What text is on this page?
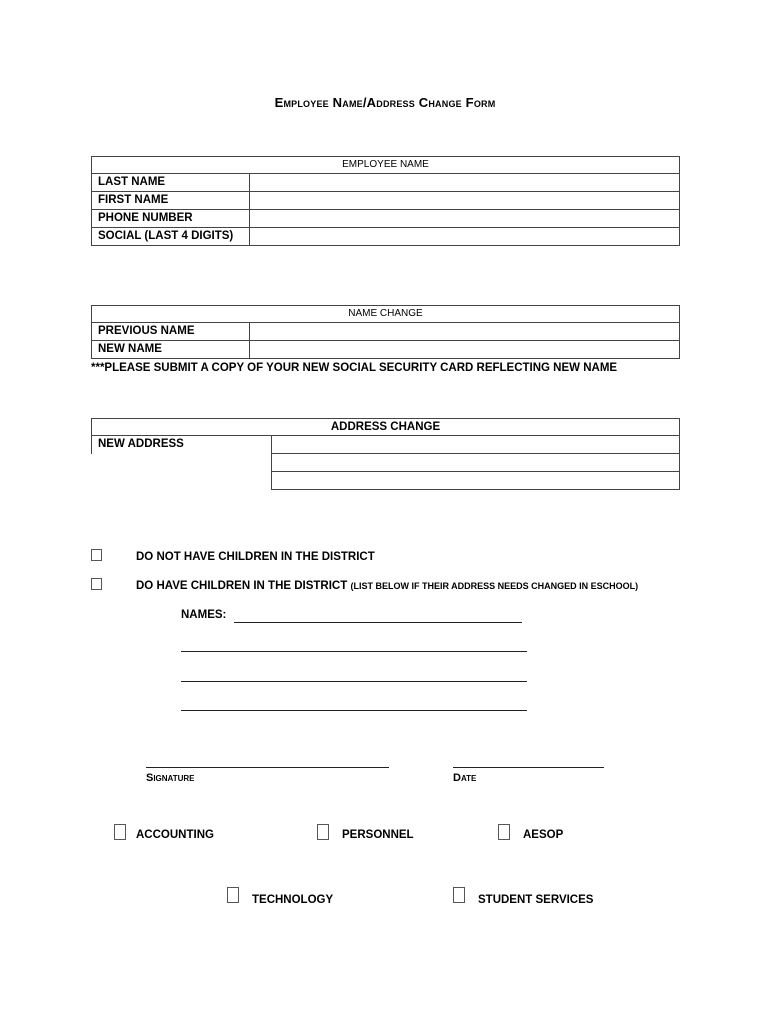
Employee Name/Address Change Form
EMPLOYEE NAME	
LAST NAME	
FIRST NAME	
PHONE NUMBER	
SOCIAL (LAST 4 DIGITS)	
NAME CHANGE	
PREVIOUS NAME	
NEW NAME	
***PLEASE SUBMIT A COPY OF YOUR NEW SOCIAL SECURITY CARD REFLECTING NEW NAME
ADDRESS CHANGE	
NEW ADDRESS	

DO NOT HAVE CHILDREN IN THE DISTRICT
DO HAVE CHILDREN IN THE DISTRICT (LIST BELOW IF THEIR ADDRESS NEEDS CHANGED IN ESCHOOL)
NAMES:
Signature	Date
ACCOUNTING	PERSONNEL	AESOP
TECHNOLOGY	STUDENT SERVICES
